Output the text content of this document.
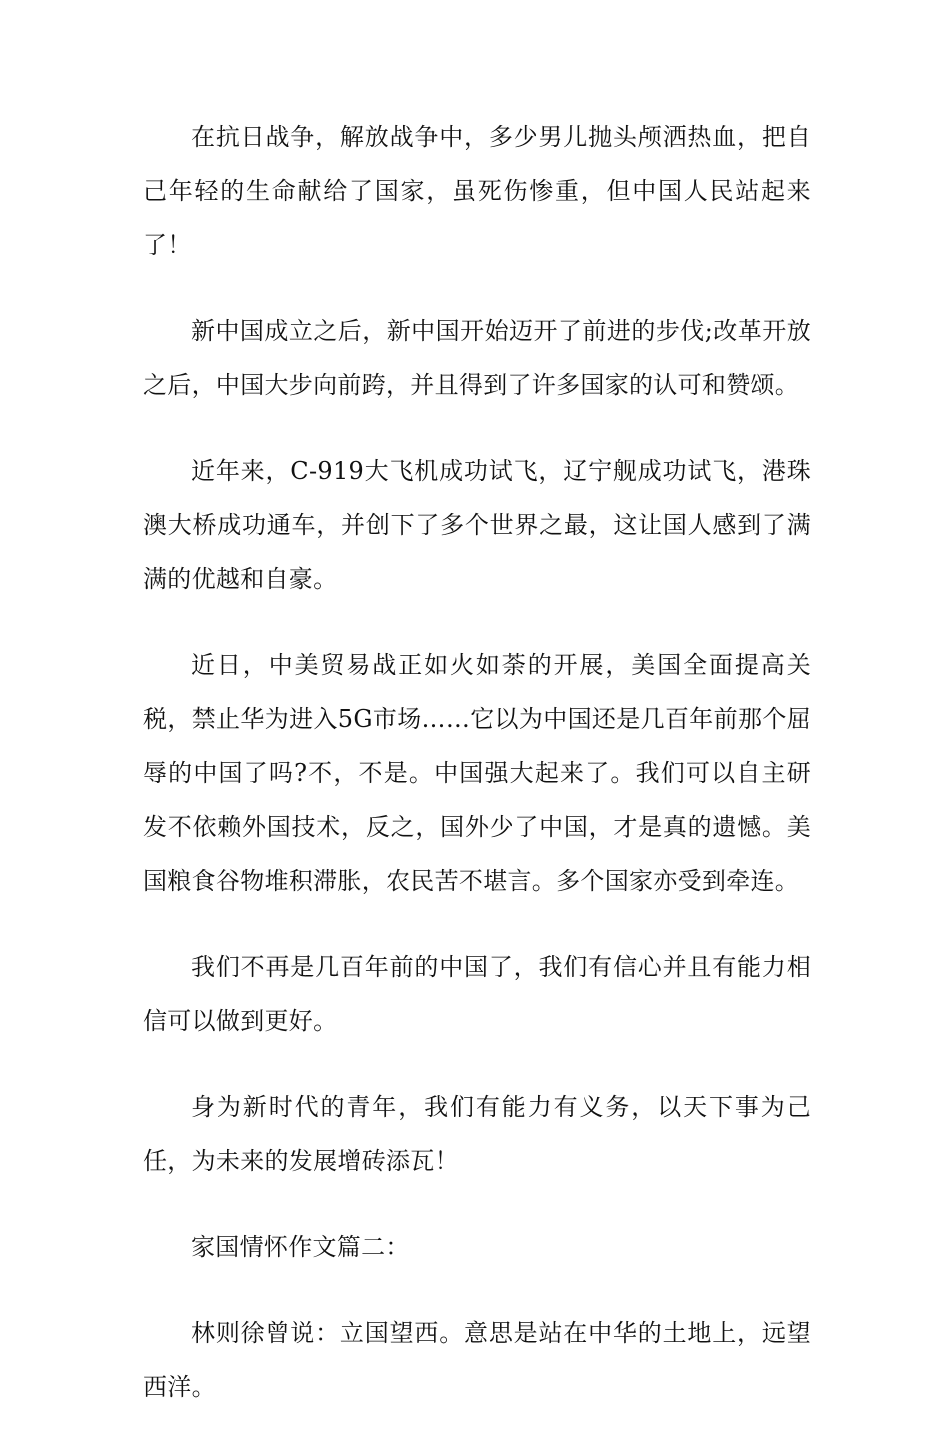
在抗日战争，解放战争中，多少男儿抛头颅洒热血，把自己年轻的生命献给了国家，虽死伤惨重，但中国人民站起来了！

新中国成立之后，新中国开始迈开了前进的步伐;改革开放之后，中国大步向前跨，并且得到了许多国家的认可和赞颂。

近年来，C-919大飞机成功试飞，辽宁舰成功试飞，港珠澳大桥成功通车，并创下了多个世界之最，这让国人感到了满满的优越和自豪。

近日，中美贸易战正如火如荼的开展，美国全面提高关税，禁止华为进入5G市场……它以为中国还是几百年前那个屈辱的中国了吗?不，不是。中国强大起来了。我们可以自主研发不依赖外国技术，反之，国外少了中国，才是真的遗憾。美国粮食谷物堆积滞胀，农民苦不堪言。多个国家亦受到牵连。

我们不再是几百年前的中国了，我们有信心并且有能力相信可以做到更好。

身为新时代的青年，我们有能力有义务，以天下事为己任，为未来的发展增砖添瓦！

家国情怀作文篇二：

林则徐曾说：立国望西。意思是站在中华的土地上，远望西洋。
